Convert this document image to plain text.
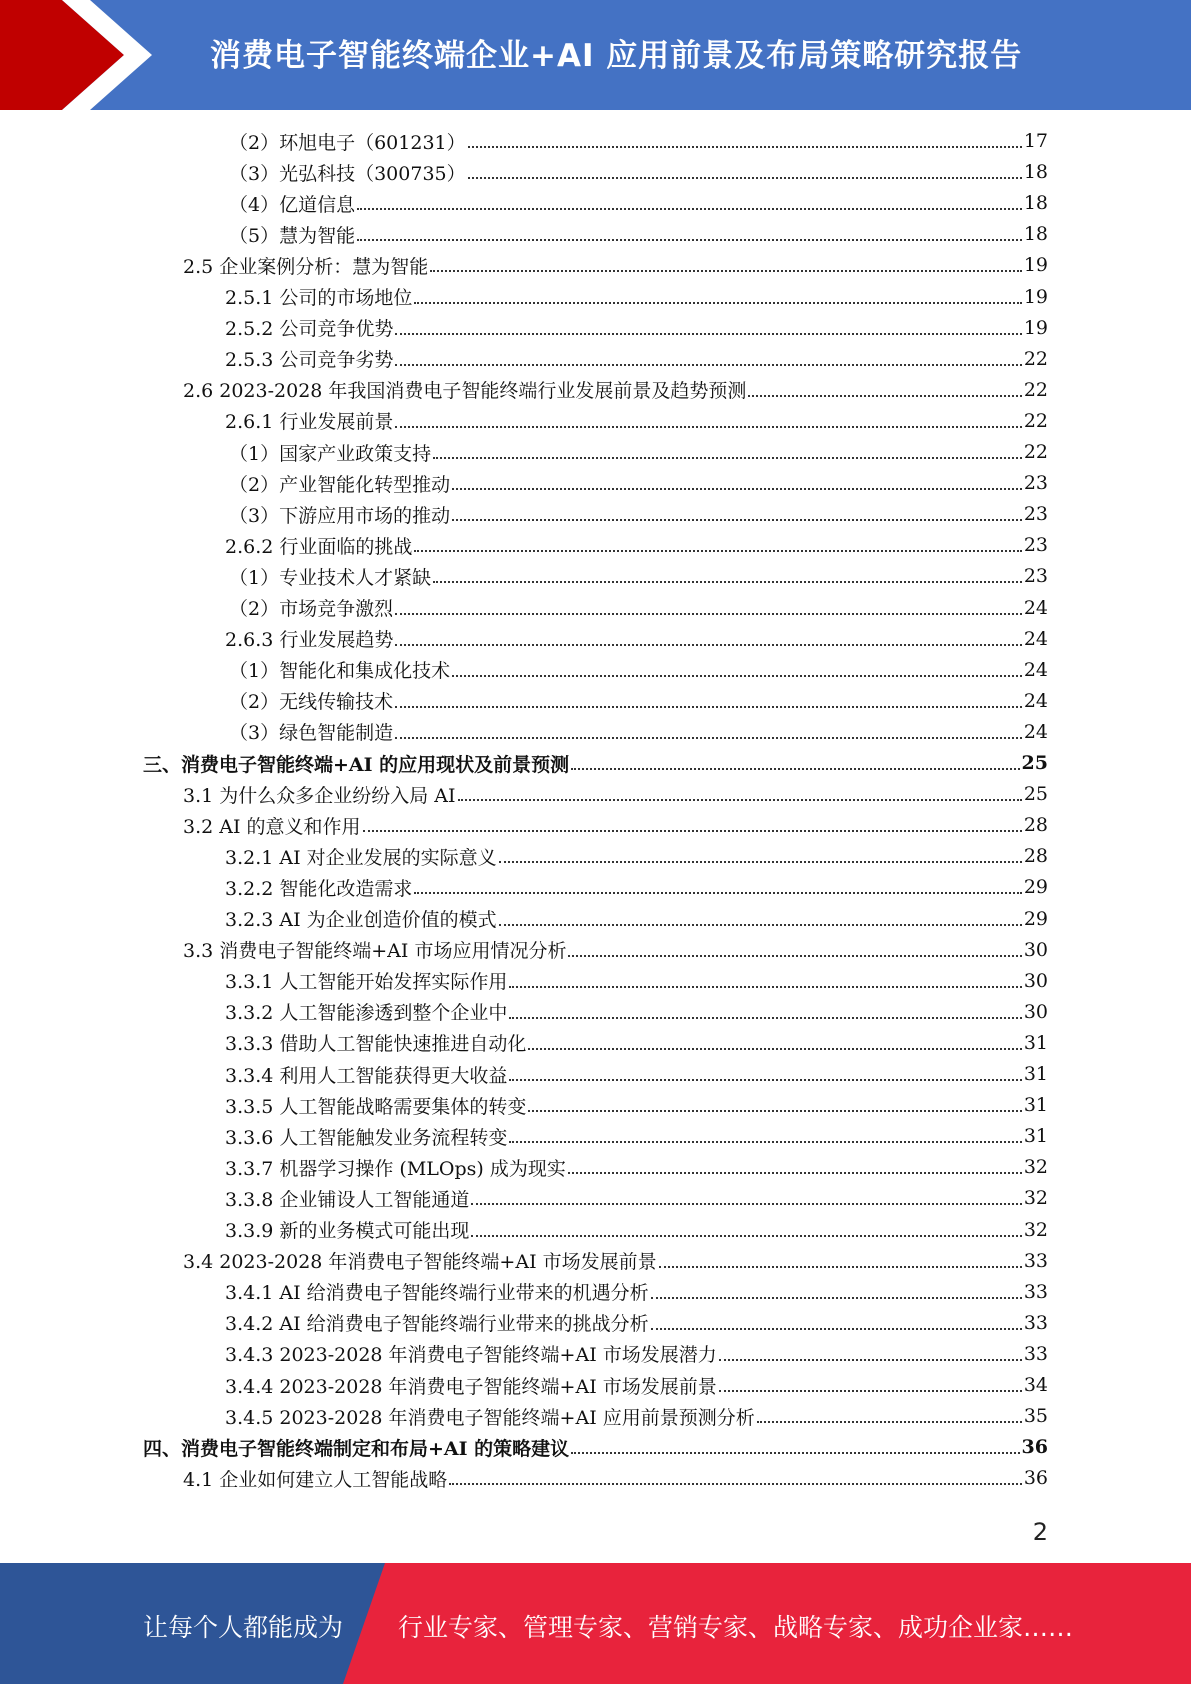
消费电子智能终端企业+AI 应用前景及布局策略研究报告
（2）环旭电子（601231）	17
（3）光弘科技（300735）	18
（4）亿道信息	18
（5）慧为智能	18
2.5 企业案例分析：慧为智能	19
2.5.1 公司的市场地位	19
2.5.2 公司竞争优势	19
2.5.3 公司竞争劣势	22
2.6 2023-2028 年我国消费电子智能终端行业发展前景及趋势预测	22
2.6.1 行业发展前景	22
（1）国家产业政策支持	22
（2）产业智能化转型推动	23
（3）下游应用市场的推动	23
2.6.2 行业面临的挑战	23
（1）专业技术人才紧缺	23
（2）市场竞争激烈	24
2.6.3 行业发展趋势	24
（1）智能化和集成化技术	24
（2）无线传输技术	24
（3）绿色智能制造	24
三、消费电子智能终端+AI 的应用现状及前景预测	25
3.1 为什么众多企业纷纷入局 AI	25
3.2 AI 的意义和作用	28
3.2.1 AI 对企业发展的实际意义	28
3.2.2 智能化改造需求	29
3.2.3 AI 为企业创造价值的模式	29
3.3 消费电子智能终端+AI 市场应用情况分析	30
3.3.1 人工智能开始发挥实际作用	30
3.3.2 人工智能渗透到整个企业中	30
3.3.3 借助人工智能快速推进自动化	31
3.3.4 利用人工智能获得更大收益	31
3.3.5 人工智能战略需要集体的转变	31
3.3.6 人工智能触发业务流程转变	31
3.3.7 机器学习操作 (MLOps) 成为现实	32
3.3.8 企业铺设人工智能通道	32
3.3.9 新的业务模式可能出现	32
3.4 2023-2028 年消费电子智能终端+AI 市场发展前景	33
3.4.1 AI 给消费电子智能终端行业带来的机遇分析	33
3.4.2 AI 给消费电子智能终端行业带来的挑战分析	33
3.4.3 2023-2028 年消费电子智能终端+AI 市场发展潜力	33
3.4.4 2023-2028 年消费电子智能终端+AI 市场发展前景	34
3.4.5 2023-2028 年消费电子智能终端+AI 应用前景预测分析	35
四、消费电子智能终端制定和布局+AI 的策略建议	36
4.1 企业如何建立人工智能战略	36
2
让每个人都能成为 行业专家、管理专家、营销专家、战略专家、成功企业家……
